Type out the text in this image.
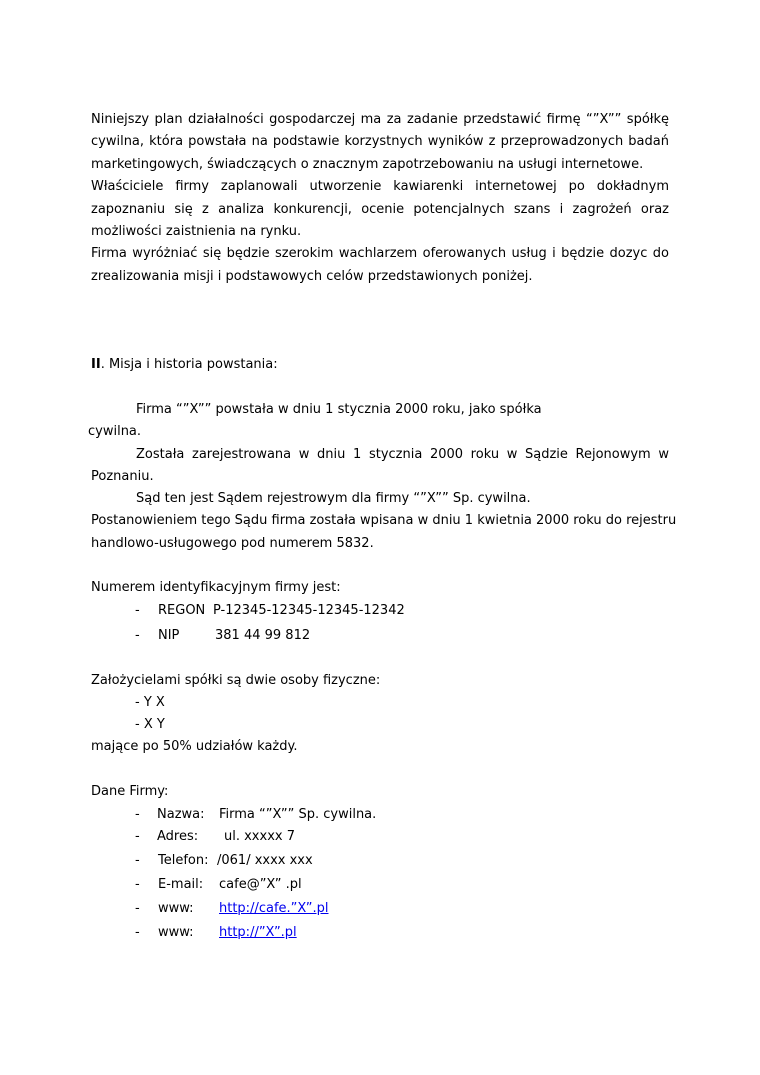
Niniejszy plan działalności gospodarczej ma za zadanie przedstawić firmę “”X”” spółkę cywilna, która powstała na podstawie korzystnych wyników z przeprowadzonych badań marketingowych, świadczących o znacznym zapotrzebowaniu na usługi internetowe.

Właściciele firmy zaplanowali utworzenie kawiarenki internetowej po dokładnym zapoznaniu się z analiza konkurencji, ocenie potencjalnych szans i zagrożeń oraz możliwości zaistnienia na rynku.

Firma wyróżniać się będzie szerokim wachlarzem oferowanych usług i będzie dozyc do zrealizowania misji i podstawowych celów przedstawionych poniżej.

II. Misja i historia powstania:
Firma “”X”” powstała w dniu 1 stycznia 2000 roku, jako spółka
cywilna.
Została zarejestrowana w dniu 1 stycznia 2000 roku w Sądzie Rejonowym w
Poznaniu.
Sąd ten jest Sądem rejestrowym dla firmy “”X”” Sp. cywilna.
Postanowieniem tego Sądu firma została wpisana w dniu 1 kwietnia 2000 roku do rejestru
handlowo-usługowego pod numerem 5832.
Numerem identyfikacyjnym firmy jest:
- REGON P-12345-12345-12345-12342
- NIP	381 44 99 812
Założycielami spółki są dwie osoby fizyczne:
- Y X
- X Y
mające po 50% udziałów każdy.
Dane Firmy:
- Nazwa: Firma “”X”” Sp. cywilna.
- Adres: ul. xxxxx 7
- Telefon: /061/ xxxx xxx
- E-mail: cafe@”X” .pl
- www: http://cafe.”X”.pl
- www: http://”X”.pl
